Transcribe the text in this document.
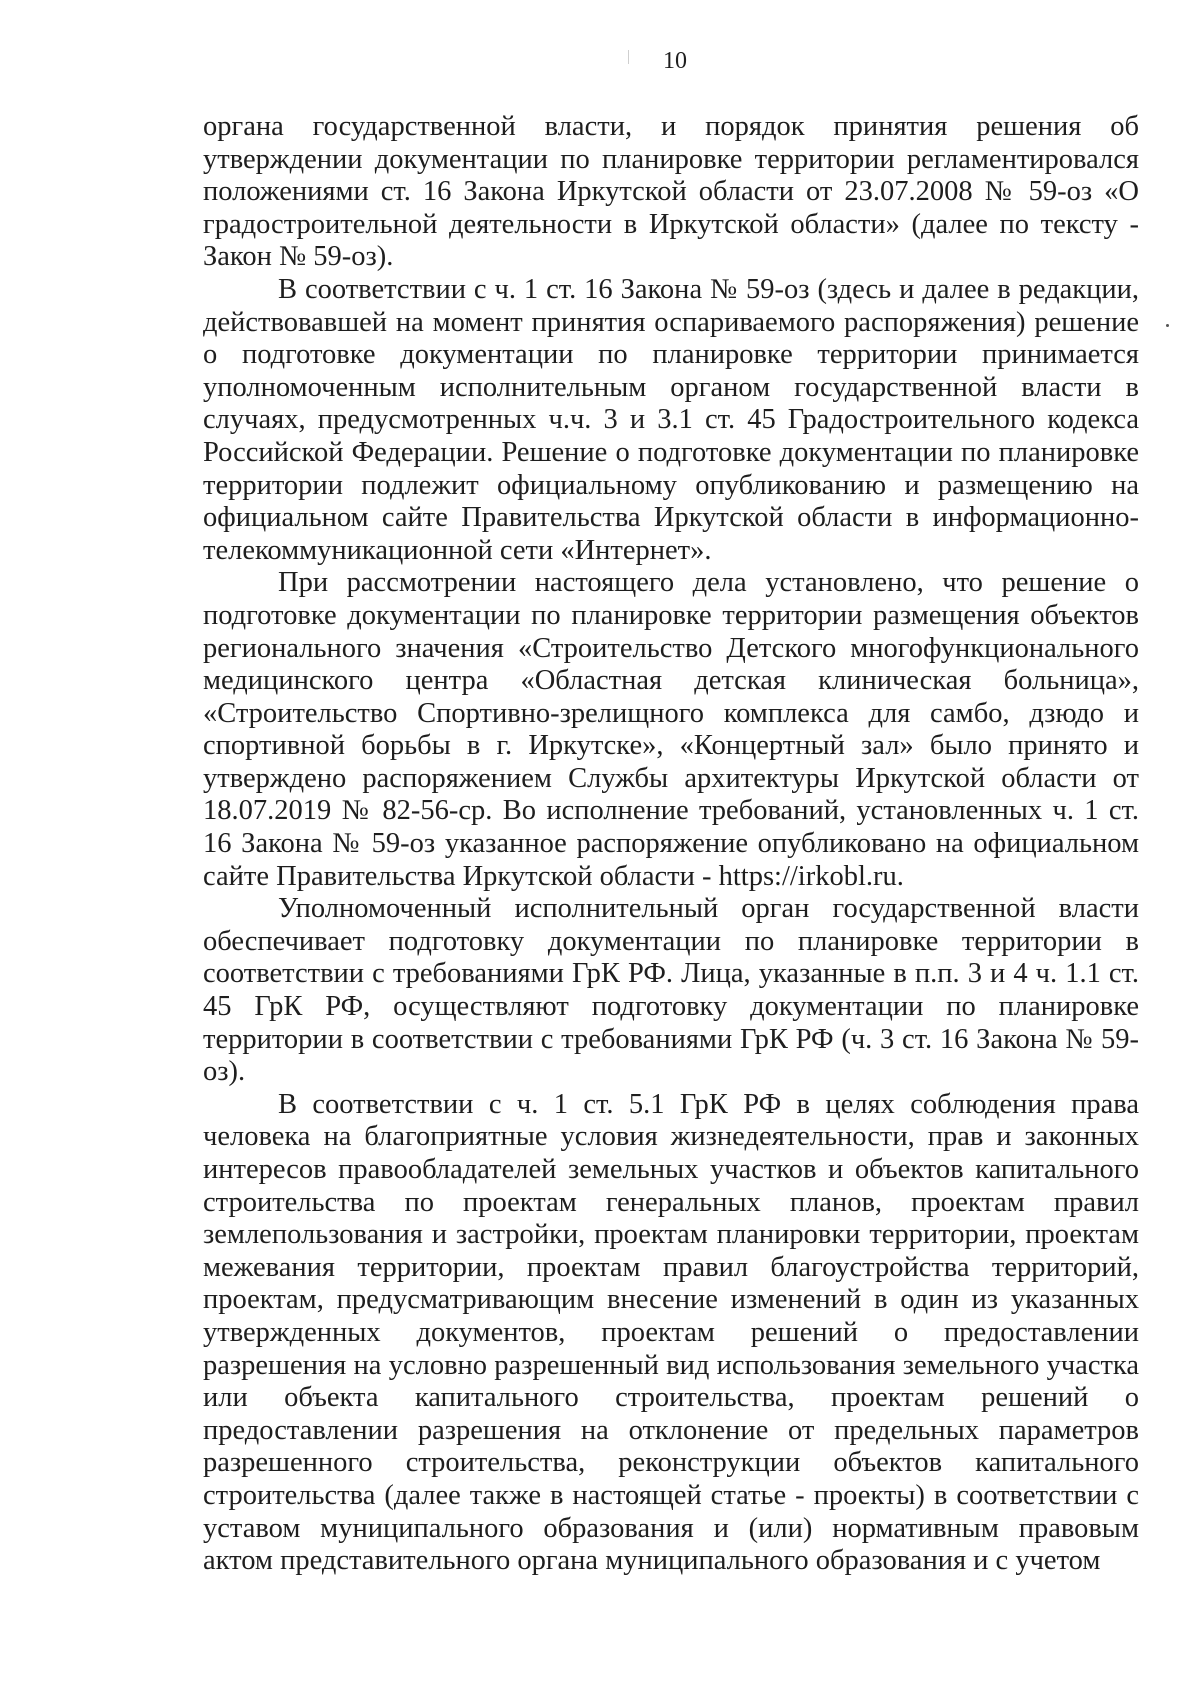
10

органа государственной власти, и порядок принятия решения об утверждении документации по планировке территории регламентировался положениями ст. 16 Закона Иркутской области от 23.07.2008 № 59-оз «О градостроительной деятельности в Иркутской области» (далее по тексту - Закон № 59-оз).

В соответствии с ч. 1 ст. 16 Закона № 59-оз (здесь и далее в редакции, действовавшей на момент принятия оспариваемого распоряжения) решение о подготовке документации по планировке территории принимается уполномоченным исполнительным органом государственной власти в случаях, предусмотренных ч.ч. 3 и 3.1 ст. 45 Градостроительного кодекса Российской Федерации. Решение о подготовке документации по планировке территории подлежит официальному опубликованию и размещению на официальном сайте Правительства Иркутской области в информационно-телекоммуникационной сети «Интернет».

При рассмотрении настоящего дела установлено, что решение о подготовке документации по планировке территории размещения объектов регионального значения «Строительство Детского многофункционального медицинского центра «Областная детская клиническая больница», «Строительство Спортивно-зрелищного комплекса для самбо, дзюдо и спортивной борьбы в г. Иркутске», «Концертный зал» было принято и утверждено распоряжением Службы архитектуры Иркутской области от 18.07.2019 № 82-56-ср. Во исполнение требований, установленных ч. 1 ст. 16 Закона № 59-оз указанное распоряжение опубликовано на официальном сайте Правительства Иркутской области - https://irkobl.ru.

Уполномоченный исполнительный орган государственной власти обеспечивает подготовку документации по планировке территории в соответствии с требованиями ГрК РФ. Лица, указанные в п.п. 3 и 4 ч. 1.1 ст. 45 ГрК РФ, осуществляют подготовку документации по планировке территории в соответствии с требованиями ГрК РФ (ч. 3 ст. 16 Закона № 59-оз).

В соответствии с ч. 1 ст. 5.1 ГрК РФ в целях соблюдения права человека на благоприятные условия жизнедеятельности, прав и законных интересов правообладателей земельных участков и объектов капитального строительства по проектам генеральных планов, проектам правил землепользования и застройки, проектам планировки территории, проектам межевания территории, проектам правил благоустройства территорий, проектам, предусматривающим внесение изменений в один из указанных утвержденных документов, проектам решений о предоставлении разрешения на условно разрешенный вид использования земельного участка или объекта капитального строительства, проектам решений о предоставлении разрешения на отклонение от предельных параметров разрешенного строительства, реконструкции объектов капитального строительства (далее также в настоящей статье - проекты) в соответствии с уставом муниципального образования и (или) нормативным правовым актом представительного органа муниципального образования и с учетом
